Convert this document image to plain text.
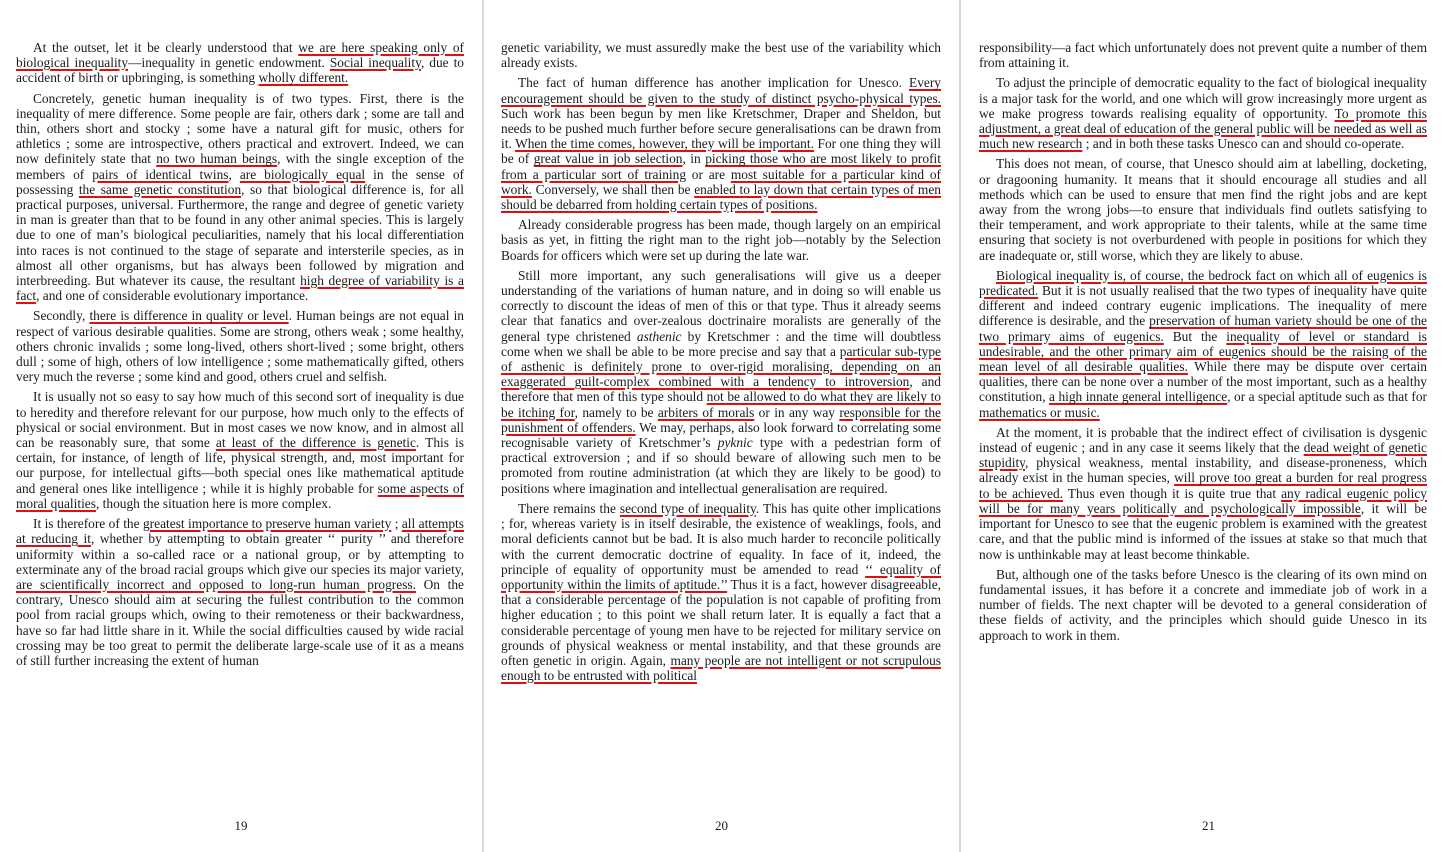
At the outset, let it be clearly understood that we are here speaking only of biological inequality—inequality in genetic endowment. Social inequality, due to accident of birth or upbringing, is something wholly different.

Concretely, genetic human inequality is of two types. First, there is the inequality of mere difference. Some people are fair, others dark ; some are tall and thin, others short and stocky ; some have a natural gift for music, others for athletics ; some are introspective, others practical and extrovert. Indeed, we can now definitely state that no two human beings, with the single exception of the members of pairs of identical twins, are biologically equal in the sense of possessing the same genetic constitution, so that biological difference is, for all practical purposes, universal. Furthermore, the range and degree of genetic variety in man is greater than that to be found in any other animal species. This is largely due to one of man’s biological peculiarities, namely that his local differentiation into races is not continued to the stage of separate and intersterile species, as in almost all other organisms, but has always been followed by migration and interbreeding. But whatever its cause, the resultant high degree of variability is a fact, and one of considerable evolutionary importance.

Secondly, there is difference in quality or level. Human beings are not equal in respect of various desirable qualities. Some are strong, others weak ; some healthy, others chronic invalids ; some long-lived, others short-lived ; some bright, others dull ; some of high, others of low intelligence ; some mathematically gifted, others very much the reverse ; some kind and good, others cruel and selfish.

It is usually not so easy to say how much of this second sort of inequality is due to heredity and therefore relevant for our purpose, how much only to the effects of physical or social environment. But in most cases we now know, and in almost all can be reasonably sure, that some at least of the difference is genetic. This is certain, for instance, of length of life, physical strength, and, most important for our purpose, for intellectual gifts—both special ones like mathematical aptitude and general ones like intelligence ; while it is highly probable for some aspects of moral qualities, though the situation here is more complex.

It is therefore of the greatest importance to preserve human variety ; all attempts at reducing it, whether by attempting to obtain greater ‘‘ purity ’’ and therefore uniformity within a so-called race or a national group, or by attempting to exterminate any of the broad racial groups which give our species its major variety, are scientifically incorrect and opposed to long-run human progress. On the contrary, Unesco should aim at securing the fullest contribution to the common pool from racial groups which, owing to their remoteness or their backwardness, have so far had little share in it. While the social difficulties caused by wide racial crossing may be too great to permit the deliberate large-scale use of it as a means of still further increasing the extent of human

19

genetic variability, we must assuredly make the best use of the variability which already exists.

The fact of human difference has another implication for Unesco. Every encouragement should be given to the study of distinct psycho-physical types. Such work has been begun by men like Kretschmer, Draper and Sheldon, but needs to be pushed much further before secure generalisations can be drawn from it. When the time comes, however, they will be important. For one thing they will be of great value in job selection, in picking those who are most likely to profit from a particular sort of training or are most suitable for a particular kind of work. Conversely, we shall then be enabled to lay down that certain types of men should be debarred from holding certain types of positions.

Already considerable progress has been made, though largely on an empirical basis as yet, in fitting the right man to the right job—notably by the Selection Boards for officers which were set up during the late war.

Still more important, any such generalisations will give us a deeper understanding of the variations of human nature, and in doing so will enable us correctly to discount the ideas of men of this or that type. Thus it already seems clear that fanatics and over-zealous doctrinaire moralists are generally of the general type christened asthenic by Kretschmer : and the time will doubtless come when we shall be able to be more precise and say that a particular sub-type of asthenic is definitely prone to over-rigid moralising, depending on an exaggerated guilt-complex combined with a tendency to introversion, and therefore that men of this type should not be allowed to do what they are likely to be itching for, namely to be arbiters of morals or in any way responsible for the punishment of offenders. We may, perhaps, also look forward to correlating some recognisable variety of Kretschmer’s pyknic type with a pedestrian form of practical extroversion ; and if so should beware of allowing such men to be promoted from routine administration (at which they are likely to be good) to positions where imagination and intellectual generalisation are required.

There remains the second type of inequality. This has quite other implications ; for, whereas variety is in itself desirable, the existence of weaklings, fools, and moral deficients cannot but be bad. It is also much harder to reconcile politically with the current democratic doctrine of equality. In face of it, indeed, the principle of equality of opportunity must be amended to read ‘‘ equality of opportunity within the limits of aptitude.’’ Thus it is a fact, however disagreeable, that a considerable percentage of the population is not capable of profiting from higher education ; to this point we shall return later. It is equally a fact that a considerable percentage of young men have to be rejected for military service on grounds of physical weakness or mental instability, and that these grounds are often genetic in origin. Again, many people are not intelligent or not scrupulous enough to be entrusted with political

20

responsibility—a fact which unfortunately does not prevent quite a number of them from attaining it.

To adjust the principle of democratic equality to the fact of biological inequality is a major task for the world, and one which will grow increasingly more urgent as we make progress towards realising equality of opportunity. To promote this adjustment, a great deal of education of the general public will be needed as well as much new research ; and in both these tasks Unesco can and should co-operate.

This does not mean, of course, that Unesco should aim at labelling, docketing, or dragooning humanity. It means that it should encourage all studies and all methods which can be used to ensure that men find the right jobs and are kept away from the wrong jobs—to ensure that individuals find outlets satisfying to their temperament, and work appropriate to their talents, while at the same time ensuring that society is not overburdened with people in positions for which they are inadequate or, still worse, which they are likely to abuse.

Biological inequality is, of course, the bedrock fact on which all of eugenics is predicated. But it is not usually realised that the two types of inequality have quite different and indeed contrary eugenic implications. The inequality of mere difference is desirable, and the preservation of human variety should be one of the two primary aims of eugenics. But the inequality of level or standard is undesirable, and the other primary aim of eugenics should be the raising of the mean level of all desirable qualities. While there may be dispute over certain qualities, there can be none over a number of the most important, such as a healthy constitution, a high innate general intelligence, or a special aptitude such as that for mathematics or music.

At the moment, it is probable that the indirect effect of civilisation is dysgenic instead of eugenic ; and in any case it seems likely that the dead weight of genetic stupidity, physical weakness, mental instability, and disease-proneness, which already exist in the human species, will prove too great a burden for real progress to be achieved. Thus even though it is quite true that any radical eugenic policy will be for many years politically and psychologically impossible, it will be important for Unesco to see that the eugenic problem is examined with the greatest care, and that the public mind is informed of the issues at stake so that much that now is unthinkable may at least become thinkable.

But, although one of the tasks before Unesco is the clearing of its own mind on fundamental issues, it has before it a concrete and immediate job of work in a number of fields. The next chapter will be devoted to a general consideration of these fields of activity, and the principles which should guide Unesco in its approach to work in them.

21
